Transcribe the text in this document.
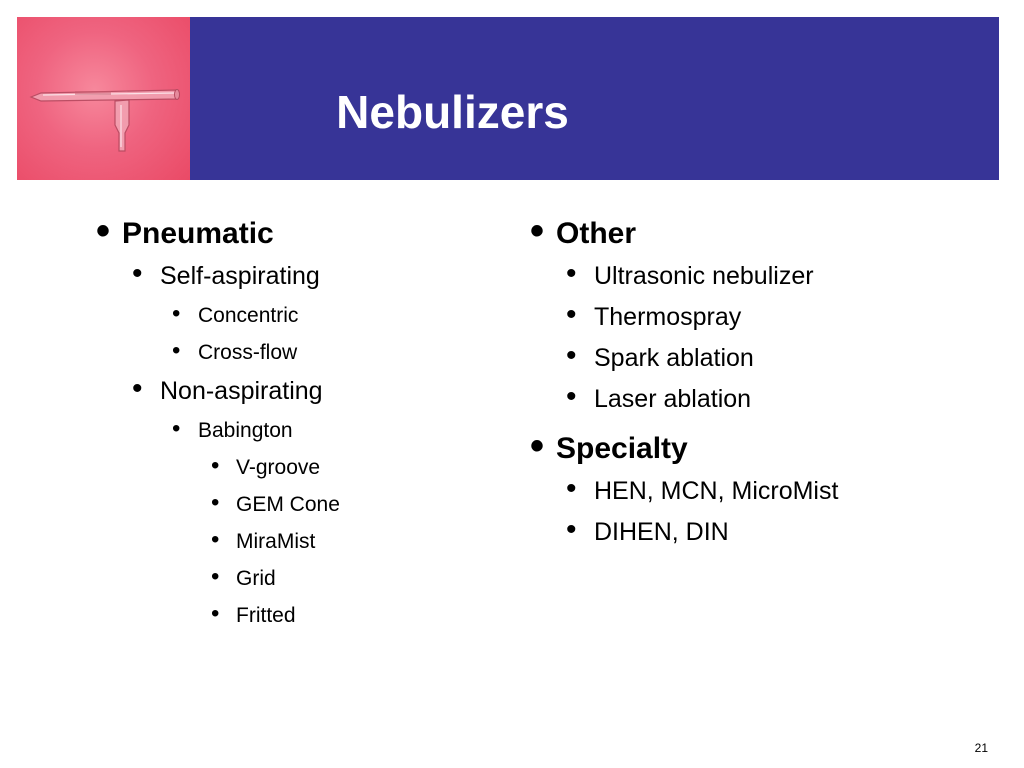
Nebulizers
• Pneumatic
• Self-aspirating
• Concentric
• Cross-flow
• Non-aspirating
• Babington
• V-groove
• GEM Cone
• MiraMist
• Grid
• Fritted
• Other
• Ultrasonic nebulizer
• Thermospray
• Spark ablation
• Laser ablation
• Specialty
• HEN, MCN, MicroMist
• DIHEN, DIN
21
